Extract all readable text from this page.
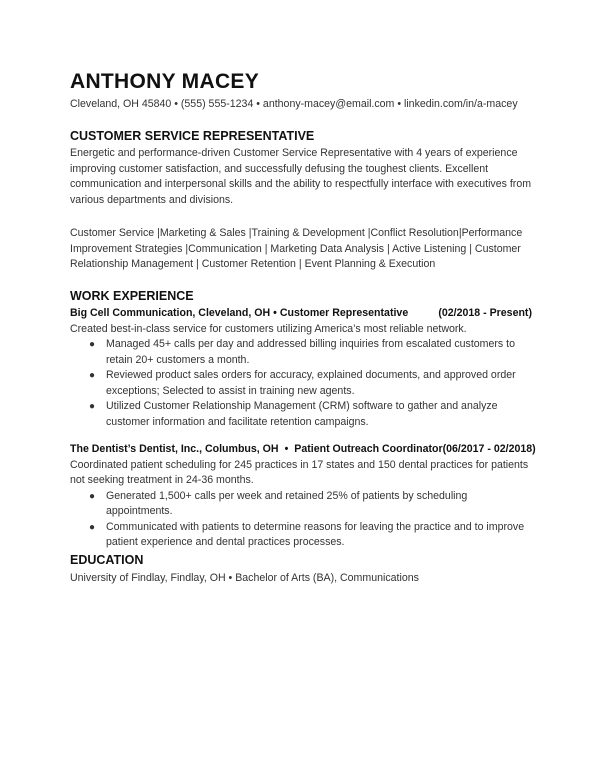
ANTHONY MACEY
Cleveland, OH 45840 • (555) 555-1234 • anthony-macey@email.com • linkedin.com/in/a-macey
CUSTOMER SERVICE REPRESENTATIVE
Energetic and performance-driven Customer Service Representative with 4 years of experience improving customer satisfaction, and successfully defusing the toughest clients. Excellent communication and interpersonal skills and the ability to respectfully interface with executives from various departments and divisions.
Customer Service |Marketing & Sales |Training & Development |Conflict Resolution|Performance Improvement Strategies |Communication | Marketing Data Analysis | Active Listening | Customer Relationship Management | Customer Retention | Event Planning & Execution
WORK EXPERIENCE
Big Cell Communication, Cleveland, OH • Customer Representative	(02/2018 - Present)
Created best-in-class service for customers utilizing America’s most reliable network.
● Managed 45+ calls per day and addressed billing inquiries from escalated customers to retain 20+ customers a month.
● Reviewed product sales orders for accuracy, explained documents, and approved order exceptions; Selected to assist in training new agents.
● Utilized Customer Relationship Management (CRM) software to gather and analyze customer information and facilitate retention campaigns.
The Dentist’s Dentist, Inc., Columbus, OH • Patient Outreach Coordinator (06/2017 - 02/2018)
Coordinated patient scheduling for 245 practices in 17 states and 150 dental practices for patients not seeking treatment in 24-36 months.
● Generated 1,500+ calls per week and retained 25% of patients by scheduling appointments.
● Communicated with patients to determine reasons for leaving the practice and to improve patient experience and dental practices processes.
EDUCATION
University of Findlay, Findlay, OH • Bachelor of Arts (BA), Communications
